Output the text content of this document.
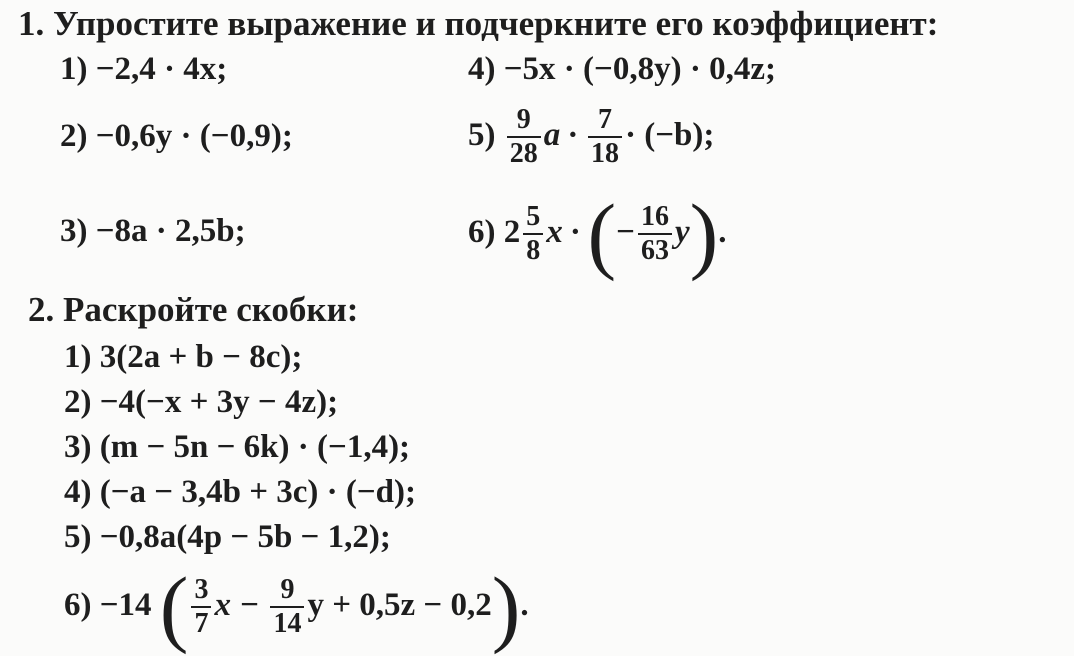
1. Упростите выражение и подчеркните его коэффициент:
1) −2,4 · 4x;	4) −5x · (−0,8y) · 0,4z;
2) −0,6y · (−0,9);	$5) \frac{9}{28}$ $a \cdot \frac{7}{18} \cdot (-b)$;
3) −8a · 2,5b;	6) $2 \frac{5}{8}$ x · (− $\frac{16}{63} y$).
2. Раскройте скобки:
1) 3(2a + b − 8c);
2) −4(−x + 3y − 4z);
3) (m − 5n − 6k) · (−1,4);
4) (−a − 3,4b + 3c) · (−d);
5) −0,8a(4p − 5b − 1,2);
6) −14 ( $\frac{3}{7}$ $x - \frac{9}{14}$ y + 0,5z − 0,2).
